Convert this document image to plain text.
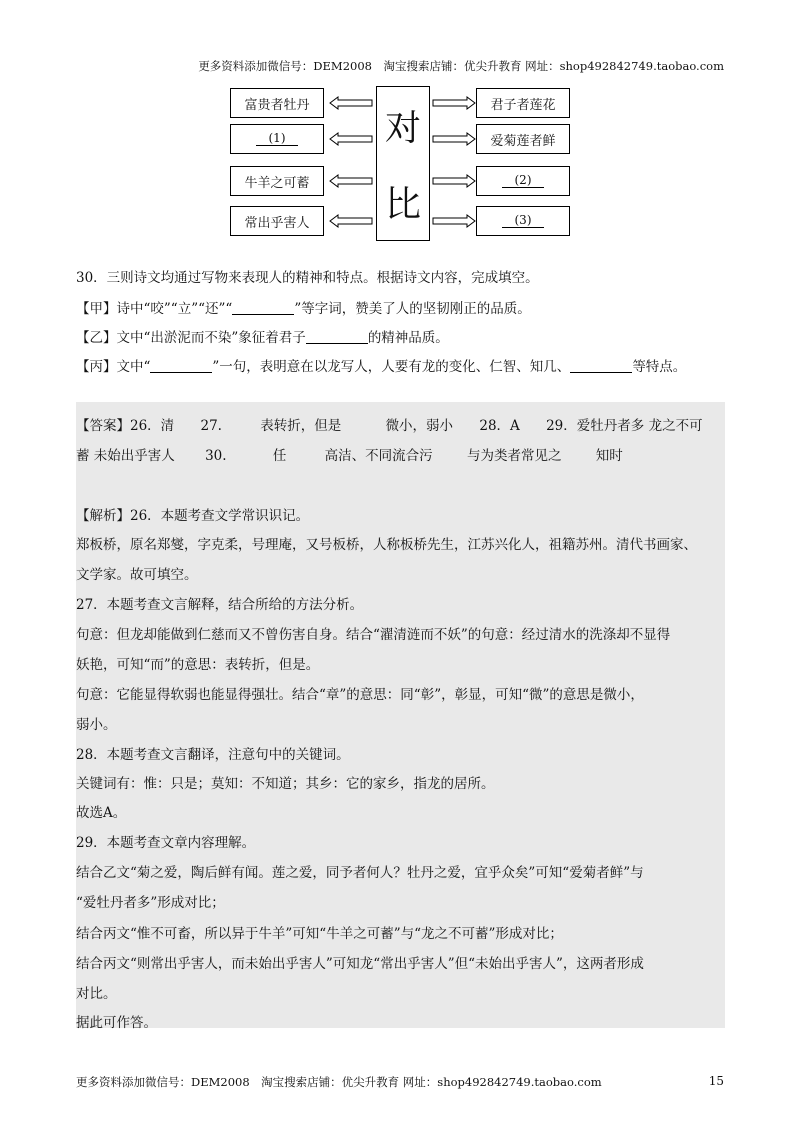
更多资料添加微信号：DEM2008　淘宝搜索店铺：优尖升教育 网址：shop492842749.taobao.com
富贵者牡丹
(1)
牛羊之可蓄
常出乎害人
对
比
君子者莲花
爱菊莲者鲜
(2)
(3)
30．三则诗文均通过写物来表现人的精神和特点。根据诗文内容，完成填空。
【甲】诗中“咬”“立”“还”“	”等字词，赞美了人的坚韧刚正的品质。
【乙】文中“出淤泥而不染”象征着君子	的精神品质。
【丙】文中“	”一句，表明意在以龙写人，人要有龙的变化、仁智、知几、	等特点。
【答案】26．清 27.	表转折，但是	微小，弱小 28．A 29．爱牡丹者多 龙之不可
蓄 未始出乎害人 30.	任	高洁、不同流合污	与为类者常见之	知时
【解析】26．本题考查文学常识识记。
郑板桥，原名郑燮，字克柔，号理庵，又号板桥，人称板桥先生，江苏兴化人，祖籍苏州。清代书画家、
文学家。故可填空。
27．本题考查文言解释，结合所给的方法分析。
句意：但龙却能做到仁慈而又不曾伤害自身。结合“濯清涟而不妖”的句意：经过清水的洗涤却不显得
妖艳，可知“而”的意思：表转折，但是。
句意：它能显得软弱也能显得强壮。结合“章”的意思：同“彰”，彰显，可知“微”的意思是微小，
弱小。
28．本题考查文言翻译，注意句中的关键词。
关键词有：惟：只是；莫知：不知道；其乡：它的家乡，指龙的居所。
故选A。
29．本题考查文章内容理解。
结合乙文“菊之爱，陶后鲜有闻。莲之爱，同予者何人？牡丹之爱，宜乎众矣”可知“爱菊者鲜”与
“爱牡丹者多”形成对比；
结合丙文“惟不可畜，所以异于牛羊”可知“牛羊之可蓄”与“龙之不可蓄”形成对比；
结合丙文“则常出乎害人，而未始出乎害人”可知龙“常出乎害人”但“未始出乎害人”，这两者形成
对比。
据此可作答。
更多资料添加微信号：DEM2008　淘宝搜索店铺：优尖升教育 网址：shop492842749.taobao.com	15
